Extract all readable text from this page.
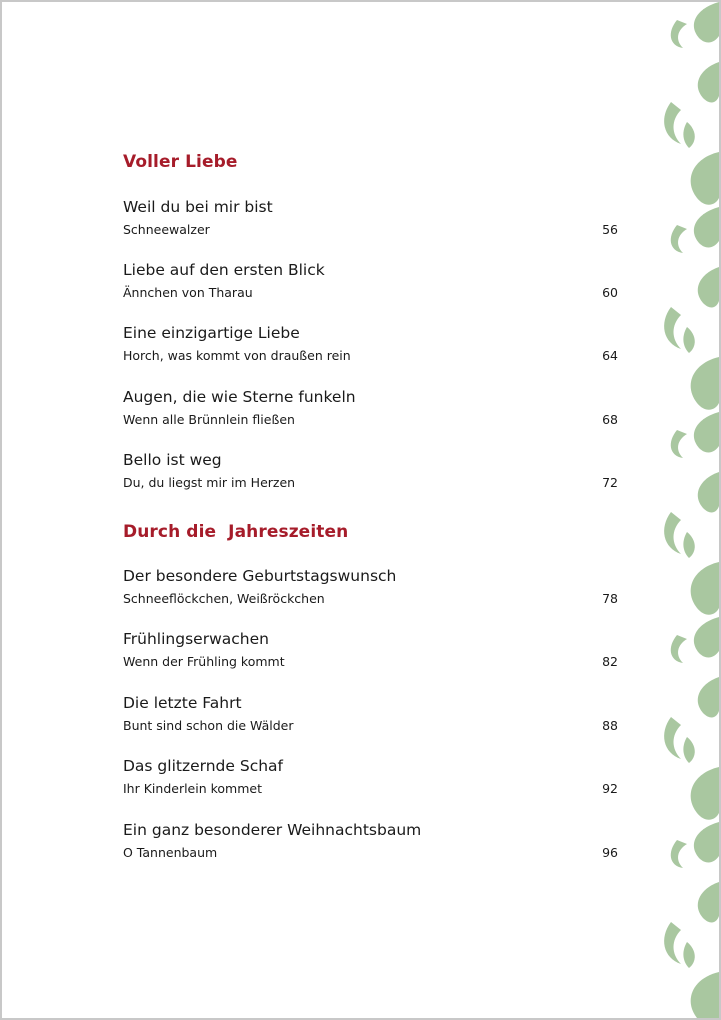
Voller Liebe
Weil du bei mir bist
Schneewalzer	56
Liebe auf den ersten Blick
Ännchen von Tharau	60
Eine einzigartige Liebe
Horch, was kommt von draußen rein	64
Augen, die wie Sterne funkeln
Wenn alle Brünnlein fließen	68
Bello ist weg
Du, du liegst mir im Herzen	72
Durch die  Jahreszeiten
Der besondere Geburtstagswunsch
Schneeflöckchen, Weißröckchen	78
Frühlingserwachen
Wenn der Frühling kommt	82
Die letzte Fahrt
Bunt sind schon die Wälder	88
Das glitzernde Schaf
Ihr Kinderlein kommet	92
Ein ganz besonderer Weihnachtsbaum
O Tannenbaum	96
